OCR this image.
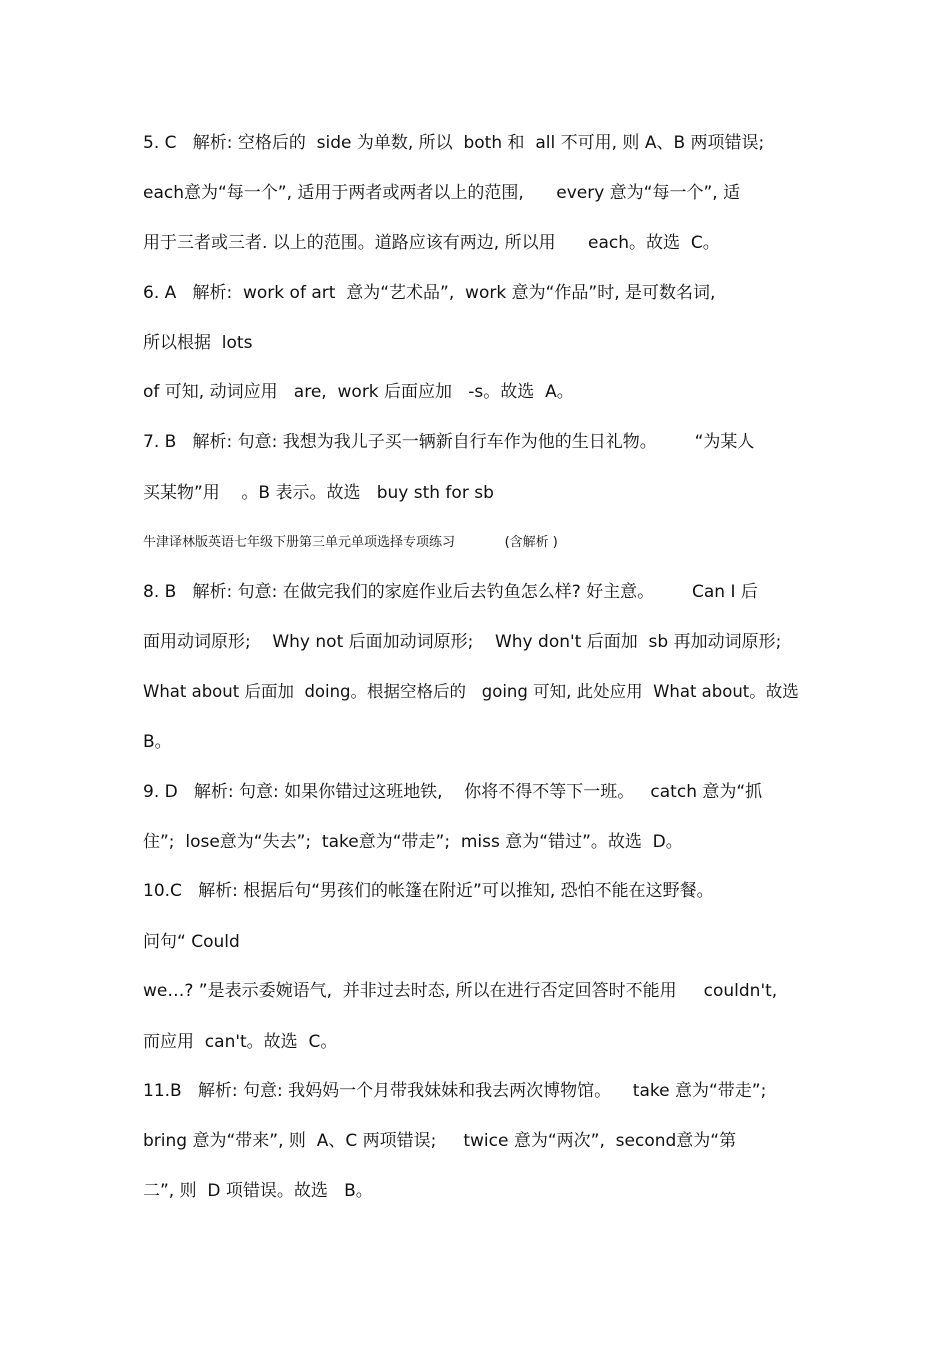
5. C   解析: 空格后的  side 为单数, 所以  both 和  all 不可用, 则 A、B 两项错误;
each意为“每一个”, 适用于两者或两者以上的范围,      every 意为“每一个”, 适
用于三者或三者. 以上的范围。道路应该有两边, 所以用      each。故选  C。
6. A   解析:  work of art  意为“艺术品”,  work 意为“作品”时, 是可数名词,
所以根据  lots
of 可知, 动词应用   are,  work 后面应加   -s。故选  A。
7. B   解析: 句意: 我想为我儿子买一辆新自行车作为他的生日礼物。       “为某人
买某物”用    。B 表示。故选   buy sth for sb
牛津译林版英语七年级下册第三单元单项选择专项练习            (含解析 )
8. B   解析: 句意: 在做完我们的家庭作业后去钓鱼怎么样? 好主意。       Can I 后
面用动词原形;    Why not 后面加动词原形;    Why don't 后面加  sb 再加动词原形;
What about 后面加  doing。根据空格后的   going 可知, 此处应用  What about。故选
B。
9. D   解析: 句意: 如果你错过这班地铁,    你将不得不等下一班。   catch 意为“抓
住”;  lose意为“失去”;  take意为“带走”;  miss 意为“错过”。故选  D。
10.C   解析: 根据后句“男孩们的帐篷在附近”可以推知, 恐怕不能在这野餐。
问句“ Could
we…? ”是表示委婉语气,  并非过去时态, 所以在进行否定回答时不能用     couldn't,
而应用  can't。故选  C。
11.B   解析: 句意: 我妈妈一个月带我妹妹和我去两次博物馆。    take 意为“带走”;
bring 意为“带来”, 则  A、C 两项错误;     twice 意为“两次”,  second意为“第
二”, 则  D 项错误。故选   B。
